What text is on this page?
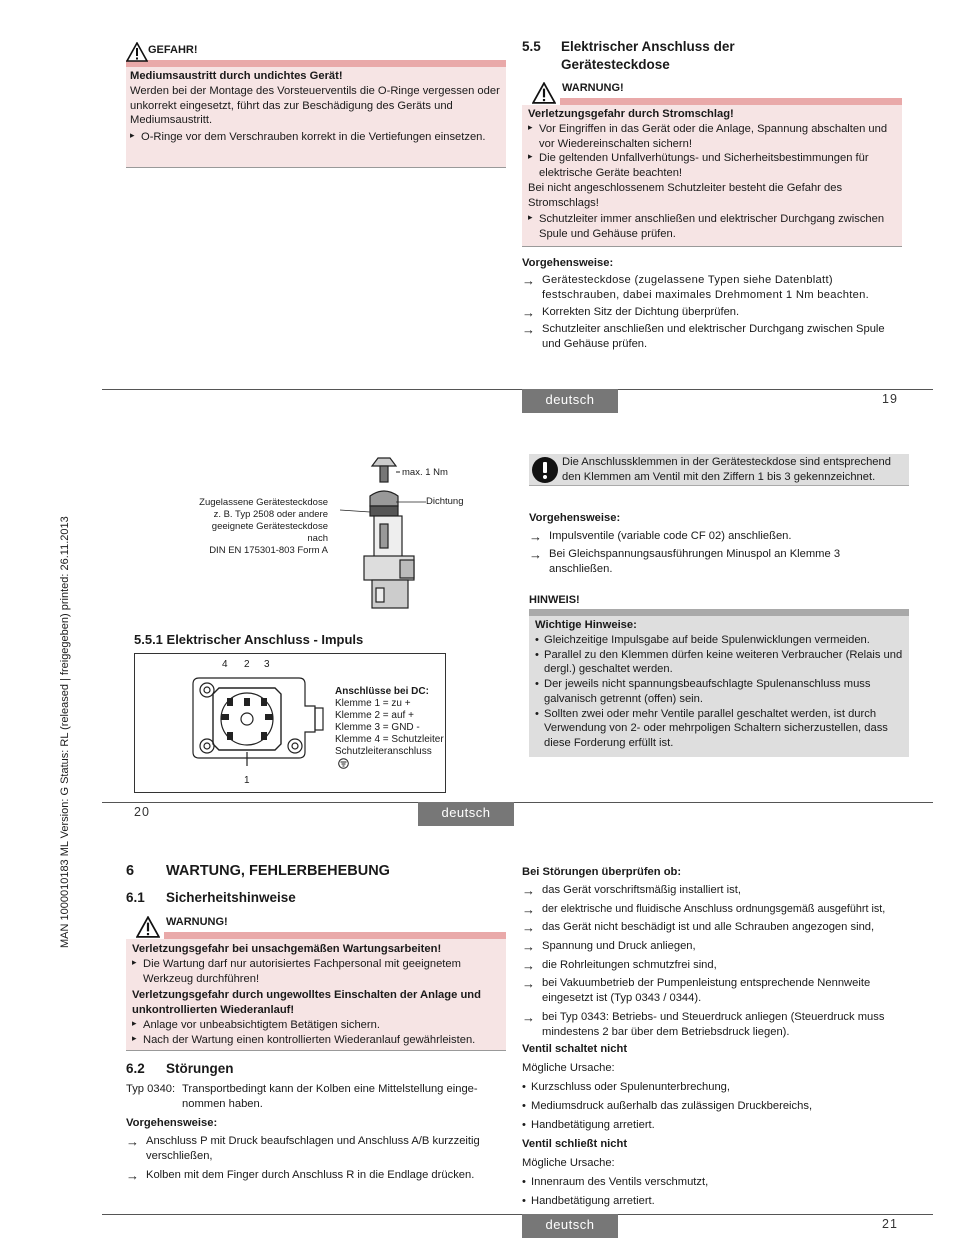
MAN 1000010183 ML Version: G Status: RL (released | freigegeben) printed: 26.11.2013
GEFAHR!
Mediumsaustritt durch undichtes Gerät!

Werden bei der Montage des Vorsteuerventils die O-Ringe vergessen oder unkorrekt eingesetzt, führt das zur Beschädigung des Geräts und Mediumsaustritt.

▸ O-Ringe vor dem Verschrauben korrekt in die Vertiefungen einsetzen.
5.5 Elektrischer Anschluss der Gerätesteckdose
WARNUNG!
Verletzungsgefahr durch Stromschlag!
▸ Vor Eingriffen in das Gerät oder die Anlage, Spannung abschalten und vor Wiedereinschalten sichern!
▸ Die geltenden Unfallverhütungs- und Sicherheitsbestimmungen für elektrische Geräte beachten!
Bei nicht angeschlossenem Schutzleiter besteht die Gefahr des Stromschlags!
▸ Schutzleiter immer anschließen und elektrischer Durchgang zwischen Spule und Gehäuse prüfen.
Vorgehensweise:
→ Gerätesteckdose (zugelassene Typen siehe Datenblatt) festschrauben, dabei maximales Drehmoment 1 Nm beachten.
→ Korrekten Sitz der Dichtung überprüfen.
→ Schutzleiter anschließen und elektrischer Durchgang zwischen Spule und Gehäuse prüfen.
deutsch	19
max. 1 Nm
Dichtung
Zugelassene Gerätesteckdose
z. B. Typ 2508 oder andere
geeignete Gerätesteckdose
nach
DIN EN 175301-803 Form A
5.5.1 Elektrischer Anschluss - Impuls
4 2 3
1
Anschlüsse bei DC:
Klemme 1 = zu +
Klemme 2 = auf +
Klemme 3 = GND -
Klemme 4 = Schutzleiter
Schutzleiteranschluss
Die Anschlussklemmen in der Gerätesteckdose sind entsprechend den Klemmen am Ventil mit den Ziffern 1 bis 3 gekennzeichnet.
Vorgehensweise:
→ Impulsventile (variable code CF 02) anschließen.
→ Bei Gleichspannungsausführungen Minuspol an Klemme 3 anschließen.
HINWEIS!
Wichtige Hinweise:
• Gleichzeitige Impulsgabe auf beide Spulenwicklungen vermeiden.
• Parallel zu den Klemmen dürfen keine weiteren Verbraucher (Relais und dergl.) geschaltet werden.
• Der jeweils nicht spannungsbeaufschlagte Spulenanschluss muss galvanisch getrennt (offen) sein.
• Sollten zwei oder mehr Ventile parallel geschaltet werden, ist durch Verwendung von 2- oder mehrpoligen Schaltern sicherzustellen, dass diese Forderung erfüllt ist.
20	deutsch
6 WARTUNG, FEHLERBEHEBUNG
6.1 Sicherheitshinweise
WARNUNG!
Verletzungsgefahr bei unsachgemäßen Wartungsarbeiten!
▸ Die Wartung darf nur autorisiertes Fachpersonal mit geeignetem Werkzeug durchführen!
Verletzungsgefahr durch ungewolltes Einschalten der Anlage und unkontrollierten Wiederanlauf!
▸ Anlage vor unbeabsichtigtem Betätigen sichern.
▸ Nach der Wartung einen kontrollierten Wiederanlauf gewährleisten.
6.2 Störungen
Typ 0340: Transportbedingt kann der Kolben eine Mittelstellung eingenommen haben.
Vorgehensweise:
→ Anschluss P mit Druck beaufschlagen und Anschluss A/B kurzzeitig verschließen,
→ Kolben mit dem Finger durch Anschluss R in die Endlage drücken.
Bei Störungen überprüfen ob:
→ das Gerät vorschriftsmäßig installiert ist,
→ der elektrische und fluidische Anschluss ordnungsgemäß ausgeführt ist,
→ das Gerät nicht beschädigt ist und alle Schrauben angezogen sind,
→ Spannung und Druck anliegen,
→ die Rohrleitungen schmutzfrei sind,
→ bei Vakuumbetrieb der Pumpenleistung entsprechende Nennweite eingesetzt ist (Typ 0343 / 0344).
→ bei Typ 0343: Betriebs- und Steuerdruck anliegen (Steuerdruck muss mindestens 2 bar über dem Betriebsdruck liegen).
Ventil schaltet nicht
Mögliche Ursache:
• Kurzschluss oder Spulenunterbrechung,
• Mediumsdruck außerhalb das zulässigen Druckbereichs,
• Handbetätigung arretiert.
Ventil schließt nicht
Mögliche Ursache:
• Innenraum des Ventils verschmutzt,
• Handbetätigung arretiert.
deutsch	21
